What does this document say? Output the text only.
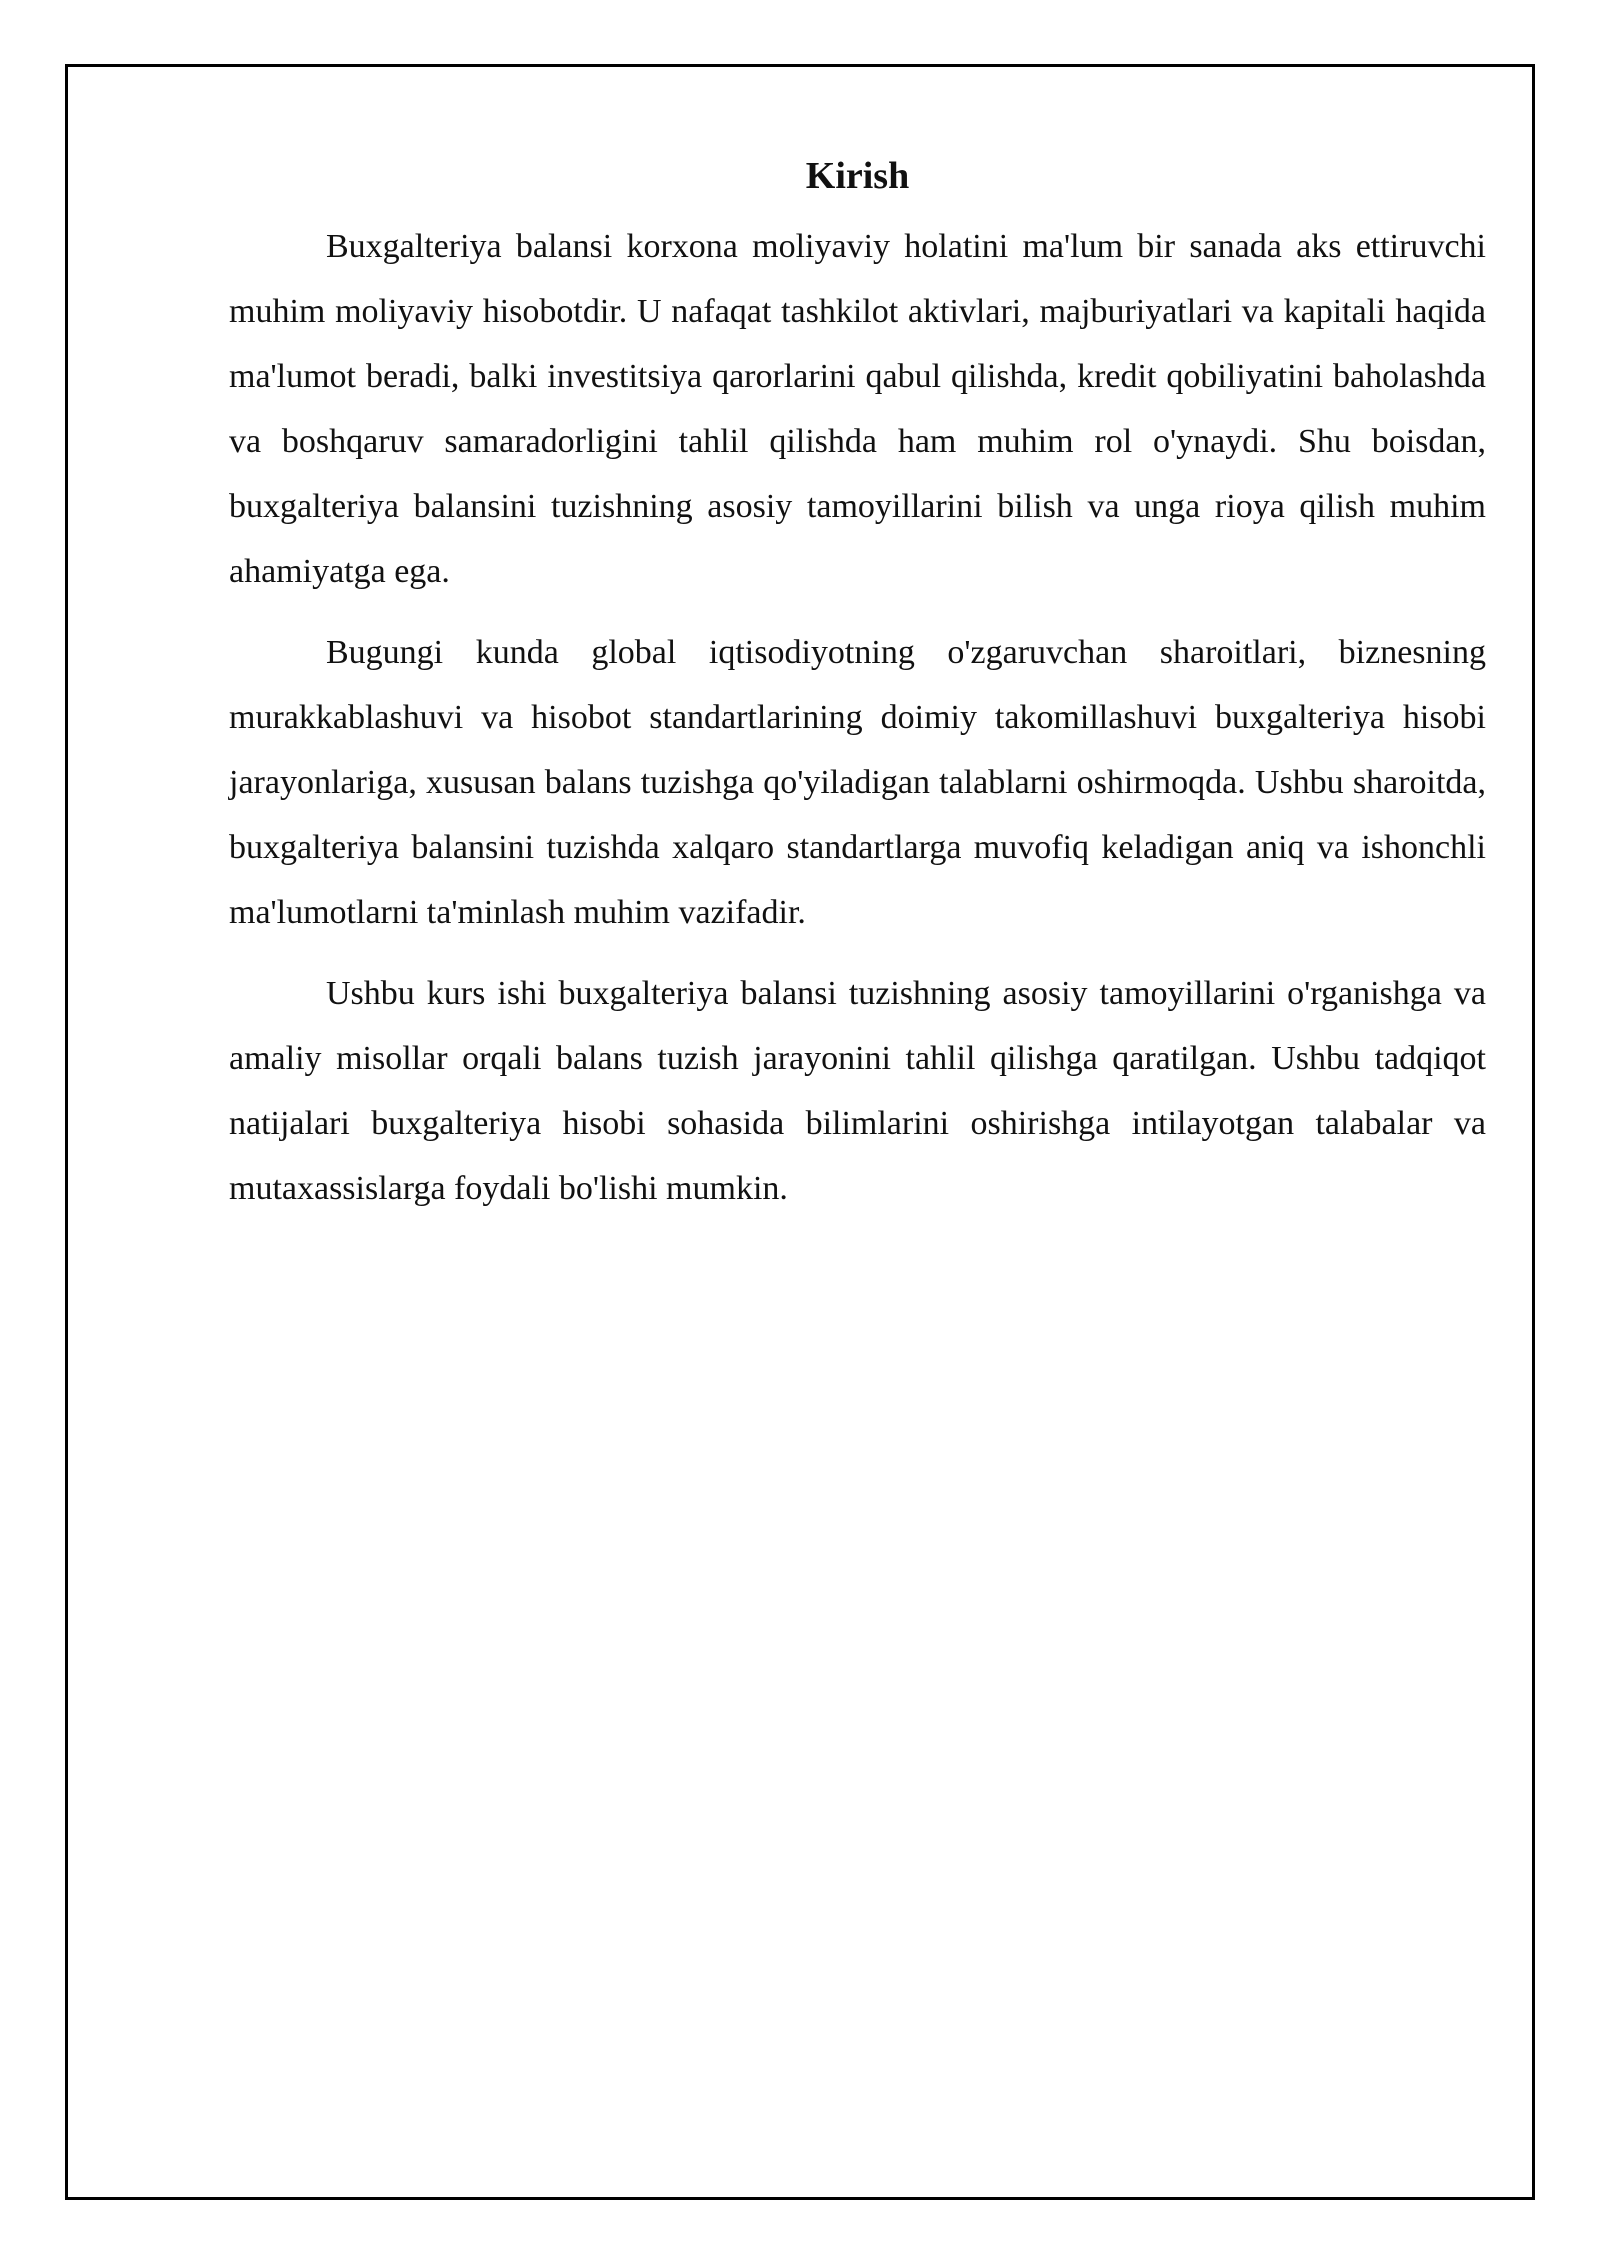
Kirish

Buxgalteriya balansi korxona moliyaviy holatini ma'lum bir sanada aks ettiruvchi muhim moliyaviy hisobotdir. U nafaqat tashkilot aktivlari, majburiyatlari va kapitali haqida ma'lumot beradi, balki investitsiya qarorlarini qabul qilishda, kredit qobiliyatini baholashda va boshqaruv samaradorligini tahlil qilishda ham muhim rol o'ynaydi. Shu boisdan, buxgalteriya balansini tuzishning asosiy tamoyillarini bilish va unga rioya qilish muhim ahamiyatga ega.

Bugungi kunda global iqtisodiyotning o'zgaruvchan sharoitlari, biznesning murakkablashuvi va hisobot standartlarining doimiy takomillashuvi buxgalteriya hisobi jarayonlariga, xususan balans tuzishga qo'yiladigan talablarni oshirmoqda. Ushbu sharoitda, buxgalteriya balansini tuzishda xalqaro standartlarga muvofiq keladigan aniq va ishonchli ma'lumotlarni ta'minlash muhim vazifadir.

Ushbu kurs ishi buxgalteriya balansi tuzishning asosiy tamoyillarini o'rganishga va amaliy misollar orqali balans tuzish jarayonini tahlil qilishga qaratilgan. Ushbu tadqiqot natijalari buxgalteriya hisobi sohasida bilimlarini oshirishga intilayotgan talabalar va mutaxassislarga foydali bo'lishi mumkin.
